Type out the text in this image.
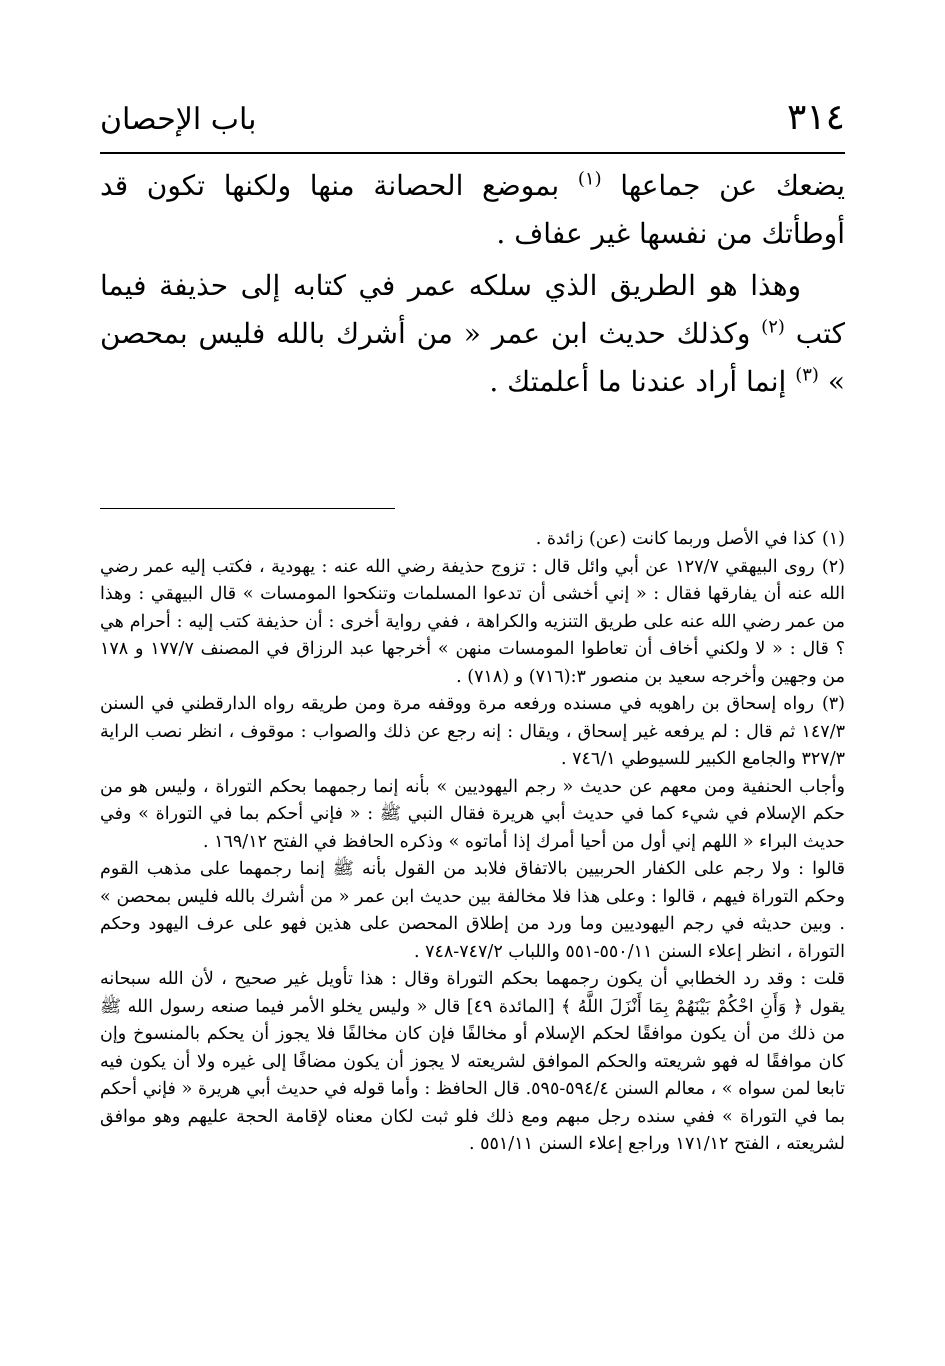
٣١٤
باب الإحصان

يضعك عن جماعها $^{(١)}$ بموضع الحصانة منها ولكنها تكون قد أوطأتك من نفسها غير عفاف .

وهذا هو الطريق الذي سلكه عمر في كتابه إلى حذيفة فيما كتب $^{(٢)}$ وكذلك حديث ابن عمر « من أشرك بالله فليس بمحصن » $^{(٣)}$ إنما أراد عندنا ما أعلمتك .

(١) كذا في الأصل وربما كانت (عن) زائدة .

(٢) روى البيهقي ١٢٧/٧ عن أبي وائل قال : تزوج حذيفة رضي الله عنه : يهودية ، فكتب إليه عمر رضي الله عنه أن يفارقها فقال : « إني أخشى أن تدعوا المسلمات وتنكحوا المومسات » قال البيهقي : وهذا من عمر رضي الله عنه على طريق التنزيه والكراهة ، ففي رواية أخرى : أن حذيفة كتب إليه : أحرام هي ؟ قال : « لا ولكني أخاف أن تعاطوا المومسات منهن » أخرجها عبد الرزاق في المصنف ١٧٧/٧ و ١٧٨ من وجهين وأخرجه سعيد بن منصور ٣:(٧١٦) و (٧١٨) .

(٣) رواه إسحاق بن راهويه في مسنده ورفعه مرة ووقفه مرة ومن طريقه رواه الدارقطني في السنن ١٤٧/٣ ثم قال : لم يرفعه غير إسحاق ، ويقال : إنه رجع عن ذلك والصواب : موقوف ، انظر نصب الراية ٣٢٧/٣ والجامع الكبير للسيوطي ٧٤٦/١ .

وأجاب الحنفية ومن معهم عن حديث « رجم اليهوديين » بأنه إنما رجمهما بحكم التوراة ، وليس هو من حكم الإسلام في شيء كما في حديث أبي هريرة فقال النبي ﷺ : « فإني أحكم بما في التوراة » وفي حديث البراء « اللهم إني أول من أحيا أمرك إذا أماتوه » وذكره الحافظ في الفتح ١٦٩/١٢ .

قالوا : ولا رجم على الكفار الحربيين بالاتفاق فلابد من القول بأنه ﷺ إنما رجمهما على مذهب القوم وحكم التوراة فيهم ، قالوا : وعلى هذا فلا مخالفة بين حديث ابن عمر « من أشرك بالله فليس بمحصن » . وبين حديثه في رجم اليهوديين وما ورد من إطلاق المحصن على هذين فهو على عرف اليهود وحكم التوراة ، انظر إعلاء السنن ٥٥٠/١١-٥٥١ واللباب ٧٤٧/٢-٧٤٨ .

قلت : وقد رد الخطابي أن يكون رجمهما بحكم التوراة وقال : هذا تأويل غير صحيح ، لأن الله سبحانه يقول ﴿ وَأَنِ احْكُمْ بَيْنَهُمْ بِمَا أَنْزَلَ اللَّهُ ﴾ [المائدة ٤٩] قال « وليس يخلو الأمر فيما صنعه رسول الله ﷺ من ذلك من أن يكون موافقًا لحكم الإسلام أو مخالفًا فإن كان مخالفًا فلا يجوز أن يحكم بالمنسوخ وإن كان موافقًا له فهو شريعته والحكم الموافق لشريعته لا يجوز أن يكون مضافًا إلى غيره ولا أن يكون فيه تابعا لمن سواه » ، معالم السنن ٥٩٤/٤-٥٩٥. قال الحافظ : وأما قوله في حديث أبي هريرة « فإني أحكم بما في التوراة » ففي سنده رجل مبهم ومع ذلك فلو ثبت لكان معناه لإقامة الحجة عليهم وهو موافق لشريعته ، الفتح ١٧١/١٢ وراجع إعلاء السنن ٥٥١/١١ .
